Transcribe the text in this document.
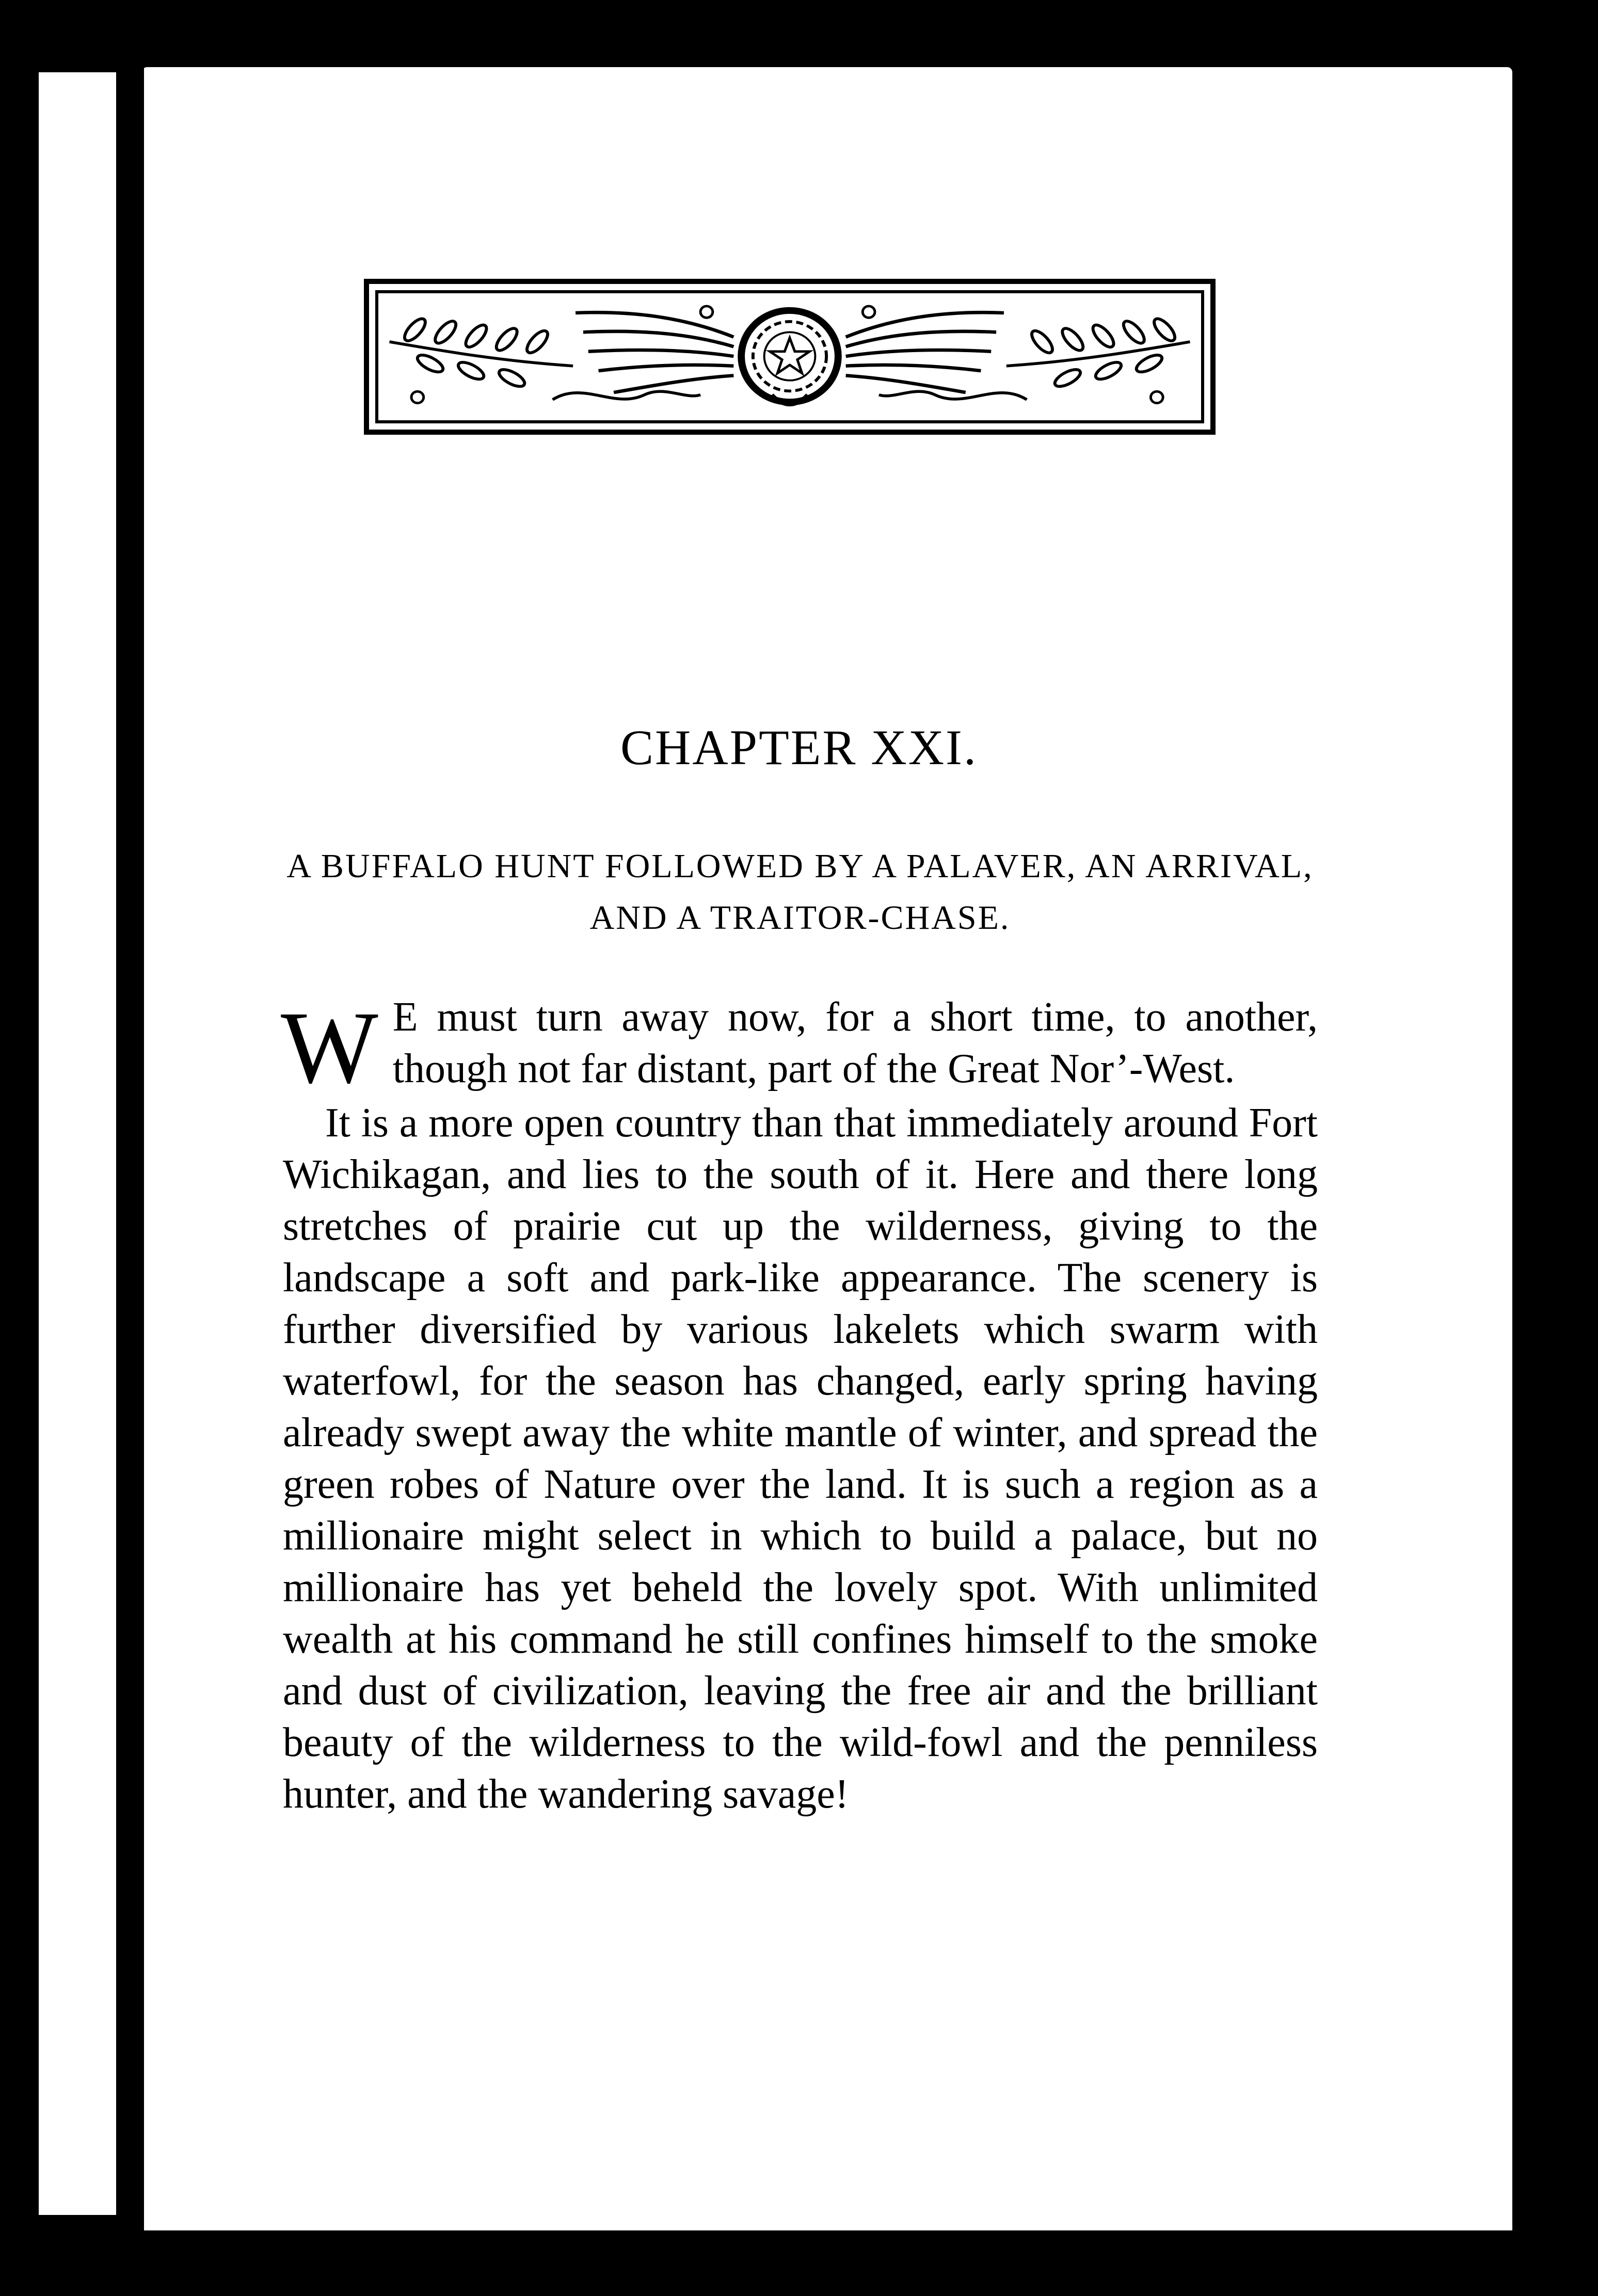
CHAPTER XXI.
A BUFFALO HUNT FOLLOWED BY A PALAVER, AN ARRIVAL, AND A TRAITOR-CHASE.

WE must turn away now, for a short time, to another, though not far distant, part of the Great Nor’-West.

It is a more open country than that immediately around Fort Wichikagan, and lies to the south of it. Here and there long stretches of prairie cut up the wilderness, giving to the landscape a soft and park-like appearance. The scenery is further diversified by various lakelets which swarm with waterfowl, for the season has changed, early spring having already swept away the white mantle of winter, and spread the green robes of Nature over the land. It is such a region as a millionaire might select in which to build a palace, but no millionaire has yet beheld the lovely spot. With unlimited wealth at his command he still confines himself to the smoke and dust of civilization, leaving the free air and the brilliant beauty of the wilderness to the wild-fowl and the penniless hunter, and the wandering savage!
